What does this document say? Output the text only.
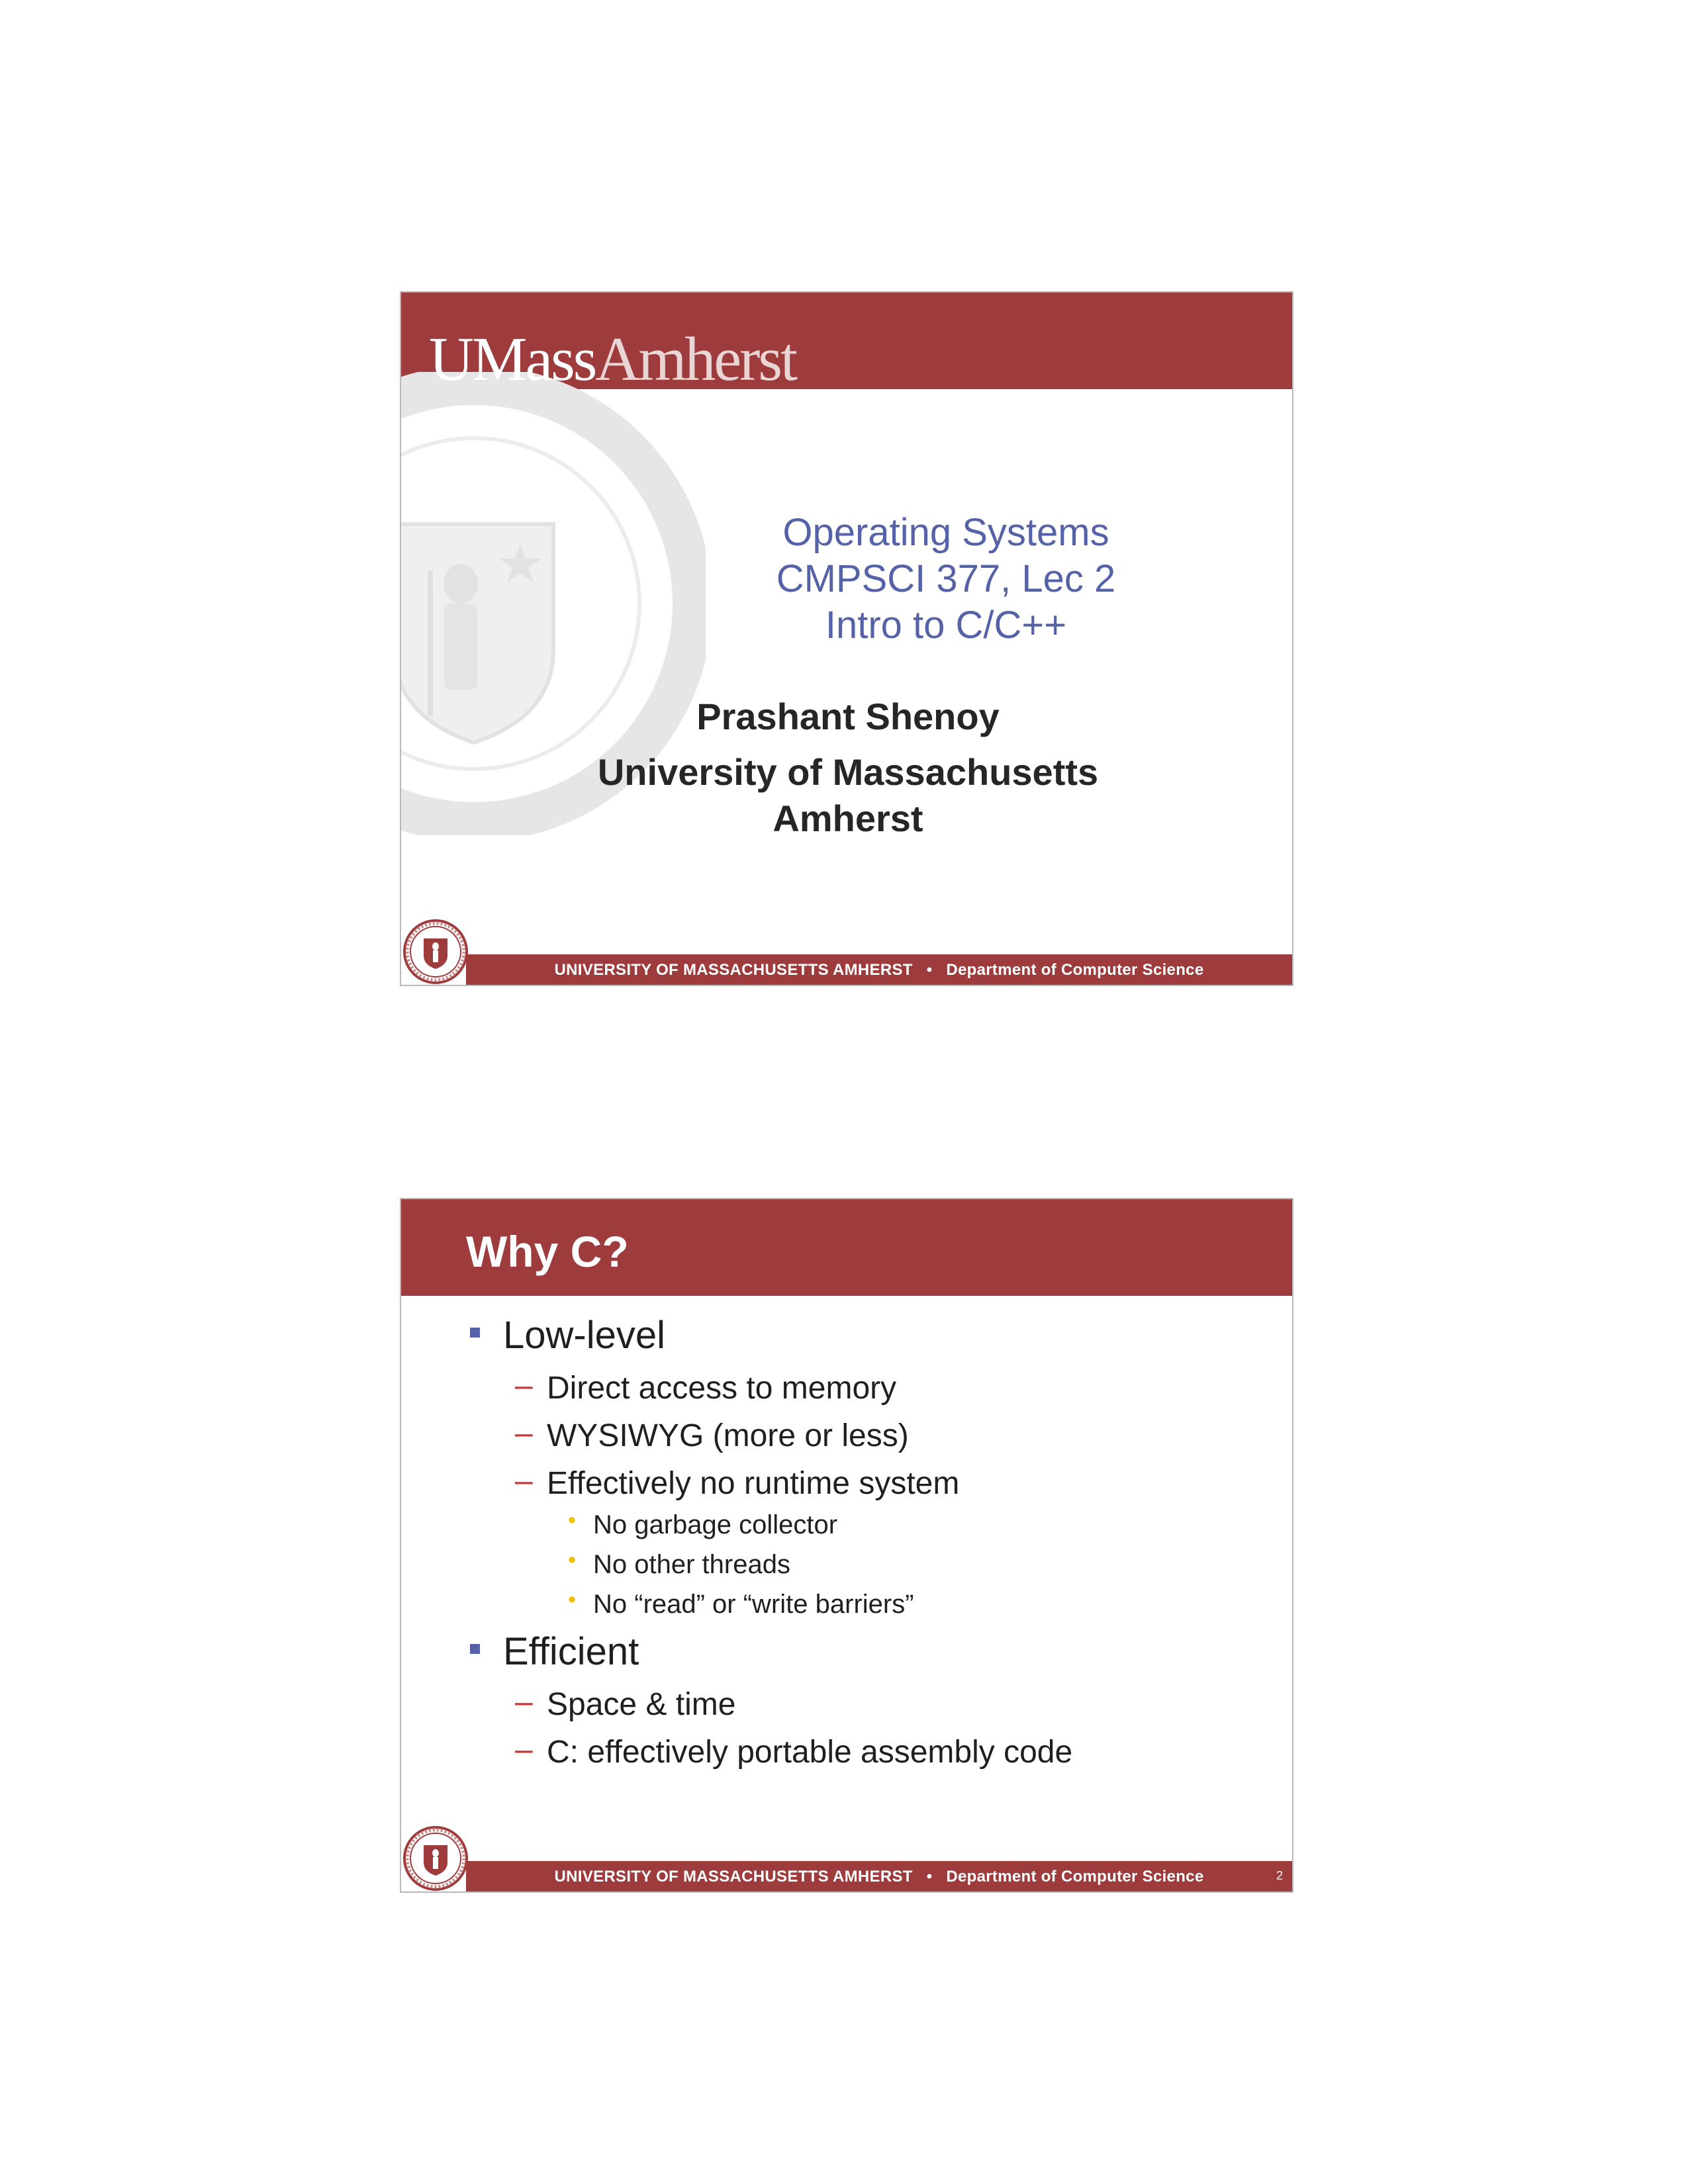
UMassAmherst
Operating Systems
CMPSCI 377, Lec 2
Intro to C/C++
Prashant Shenoy
University of Massachusetts
Amherst
UNIVERSITY OF MASSACHUSETTS AMHERST • Department of Computer Science
Why C?
Low-level
– Direct access to memory
– WYSIWYG (more or less)
– Effectively no runtime system
• No garbage collector
• No other threads
• No “read” or “write barriers”
Efficient
– Space & time
– C: effectively portable assembly code
UNIVERSITY OF MASSACHUSETTS AMHERST • Department of Computer Science	2
